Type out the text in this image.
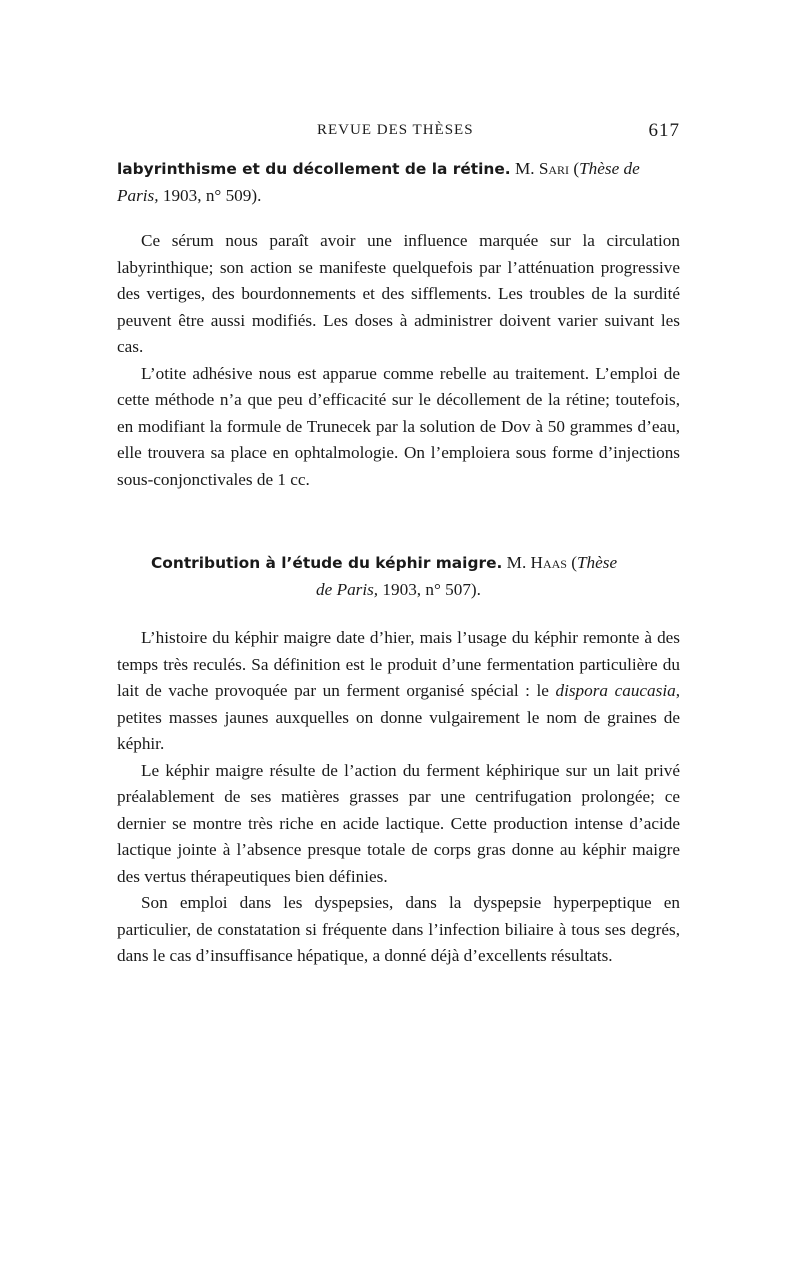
REVUE DES THÈSES	617
labyrinthisme et du décollement de la rétine. M. Sari (Thèse de Paris, 1903, n° 509).

Ce sérum nous paraît avoir une influence marquée sur la circulation labyrinthique; son action se manifeste quelquefois par l’atténuation progressive des vertiges, des bourdonnements et des sifflements. Les troubles de la surdité peuvent être aussi modifiés. Les doses à administrer doivent varier suivant les cas.

L’otite adhésive nous est apparue comme rebelle au traitement. L’emploi de cette méthode n’a que peu d’efficacité sur le décollement de la rétine; toutefois, en modifiant la formule de Trunecek par la solution de Dov à 50 grammes d’eau, elle trouvera sa place en ophtalmologie. On l’emploiera sous forme d’injections sous-conjonctivales de 1 cc.

Contribution à l’étude du képhir maigre. M. Haas (Thèse
de Paris, 1903, n° 507).

L’histoire du képhir maigre date d’hier, mais l’usage du képhir remonte à des temps très reculés. Sa définition est le produit d’une fermentation particulière du lait de vache provoquée par un ferment organisé spécial : le dispora caucasia, petites masses jaunes auxquelles on donne vulgairement le nom de graines de képhir.

Le képhir maigre résulte de l’action du ferment képhirique sur un lait privé préalablement de ses matières grasses par une centrifugation prolongée; ce dernier se montre très riche en acide lactique. Cette production intense d’acide lactique jointe à l’absence presque totale de corps gras donne au képhir maigre des vertus thérapeutiques bien définies.

Son emploi dans les dyspepsies, dans la dyspepsie hyperpeptique en particulier, de constatation si fréquente dans l’infection biliaire à tous ses degrés, dans le cas d’insuffisance hépatique, a donné déjà d’excellents résultats.
